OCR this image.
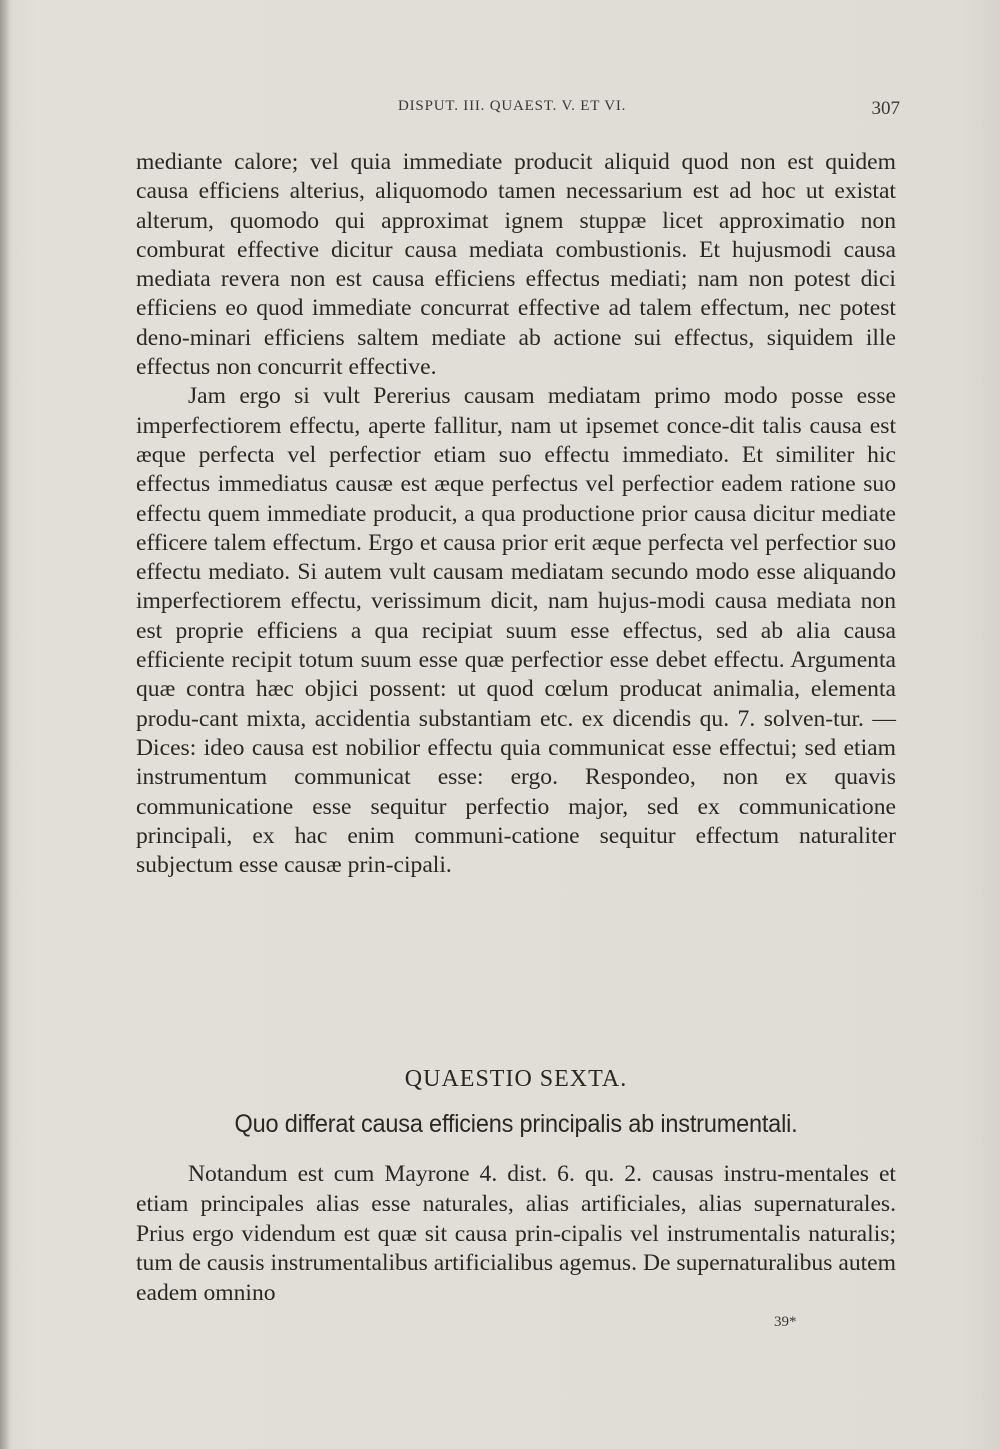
DISPUT. III. QUAEST. V. ET VI.	307

mediante calore; vel quia immediate producit aliquid quod non est quidem causa efficiens alterius, aliquomodo tamen necessarium est ad hoc ut existat alterum, quomodo qui approximat ignem stuppæ licet approximatio non comburat effective dicitur causa mediata combustionis. Et hujusmodi causa mediata revera non est causa efficiens effectus mediati; nam non potest dici efficiens eo quod immediate concurrat effective ad talem effectum, nec potest deno-minari efficiens saltem mediate ab actione sui effectus, siquidem ille effectus non concurrit effective.

Jam ergo si vult Pererius causam mediatam primo modo posse esse imperfectiorem effectu, aperte fallitur, nam ut ipsemet conce-dit talis causa est æque perfecta vel perfectior etiam suo effectu immediato. Et similiter hic effectus immediatus causæ est æque perfectus vel perfectior eadem ratione suo effectu quem immediate producit, a qua productione prior causa dicitur mediate efficere talem effectum. Ergo et causa prior erit æque perfecta vel perfectior suo effectu mediato. Si autem vult causam mediatam secundo modo esse aliquando imperfectiorem effectu, verissimum dicit, nam hujus-modi causa mediata non est proprie efficiens a qua recipiat suum esse effectus, sed ab alia causa efficiente recipit totum suum esse quæ perfectior esse debet effectu. Argumenta quæ contra hæc objici possent: ut quod cœlum producat animalia, elementa produ-cant mixta, accidentia substantiam etc. ex dicendis qu. 7. solven-tur. — Dices: ideo causa est nobilior effectu quia communicat esse effectui; sed etiam instrumentum communicat esse: ergo. Respondeo, non ex quavis communicatione esse sequitur perfectio major, sed ex communicatione principali, ex hac enim communi-catione sequitur effectum naturaliter subjectum esse causæ prin-cipali.

QUAESTIO SEXTA.
Quo differat causa efficiens principalis ab instrumentali.

Notandum est cum Mayrone 4. dist. 6. qu. 2. causas instru-mentales et etiam principales alias esse naturales, alias artificiales, alias supernaturales. Prius ergo videndum est quæ sit causa prin-cipalis vel instrumentalis naturalis; tum de causis instrumentalibus artificialibus agemus. De supernaturalibus autem eadem omnino

39*
